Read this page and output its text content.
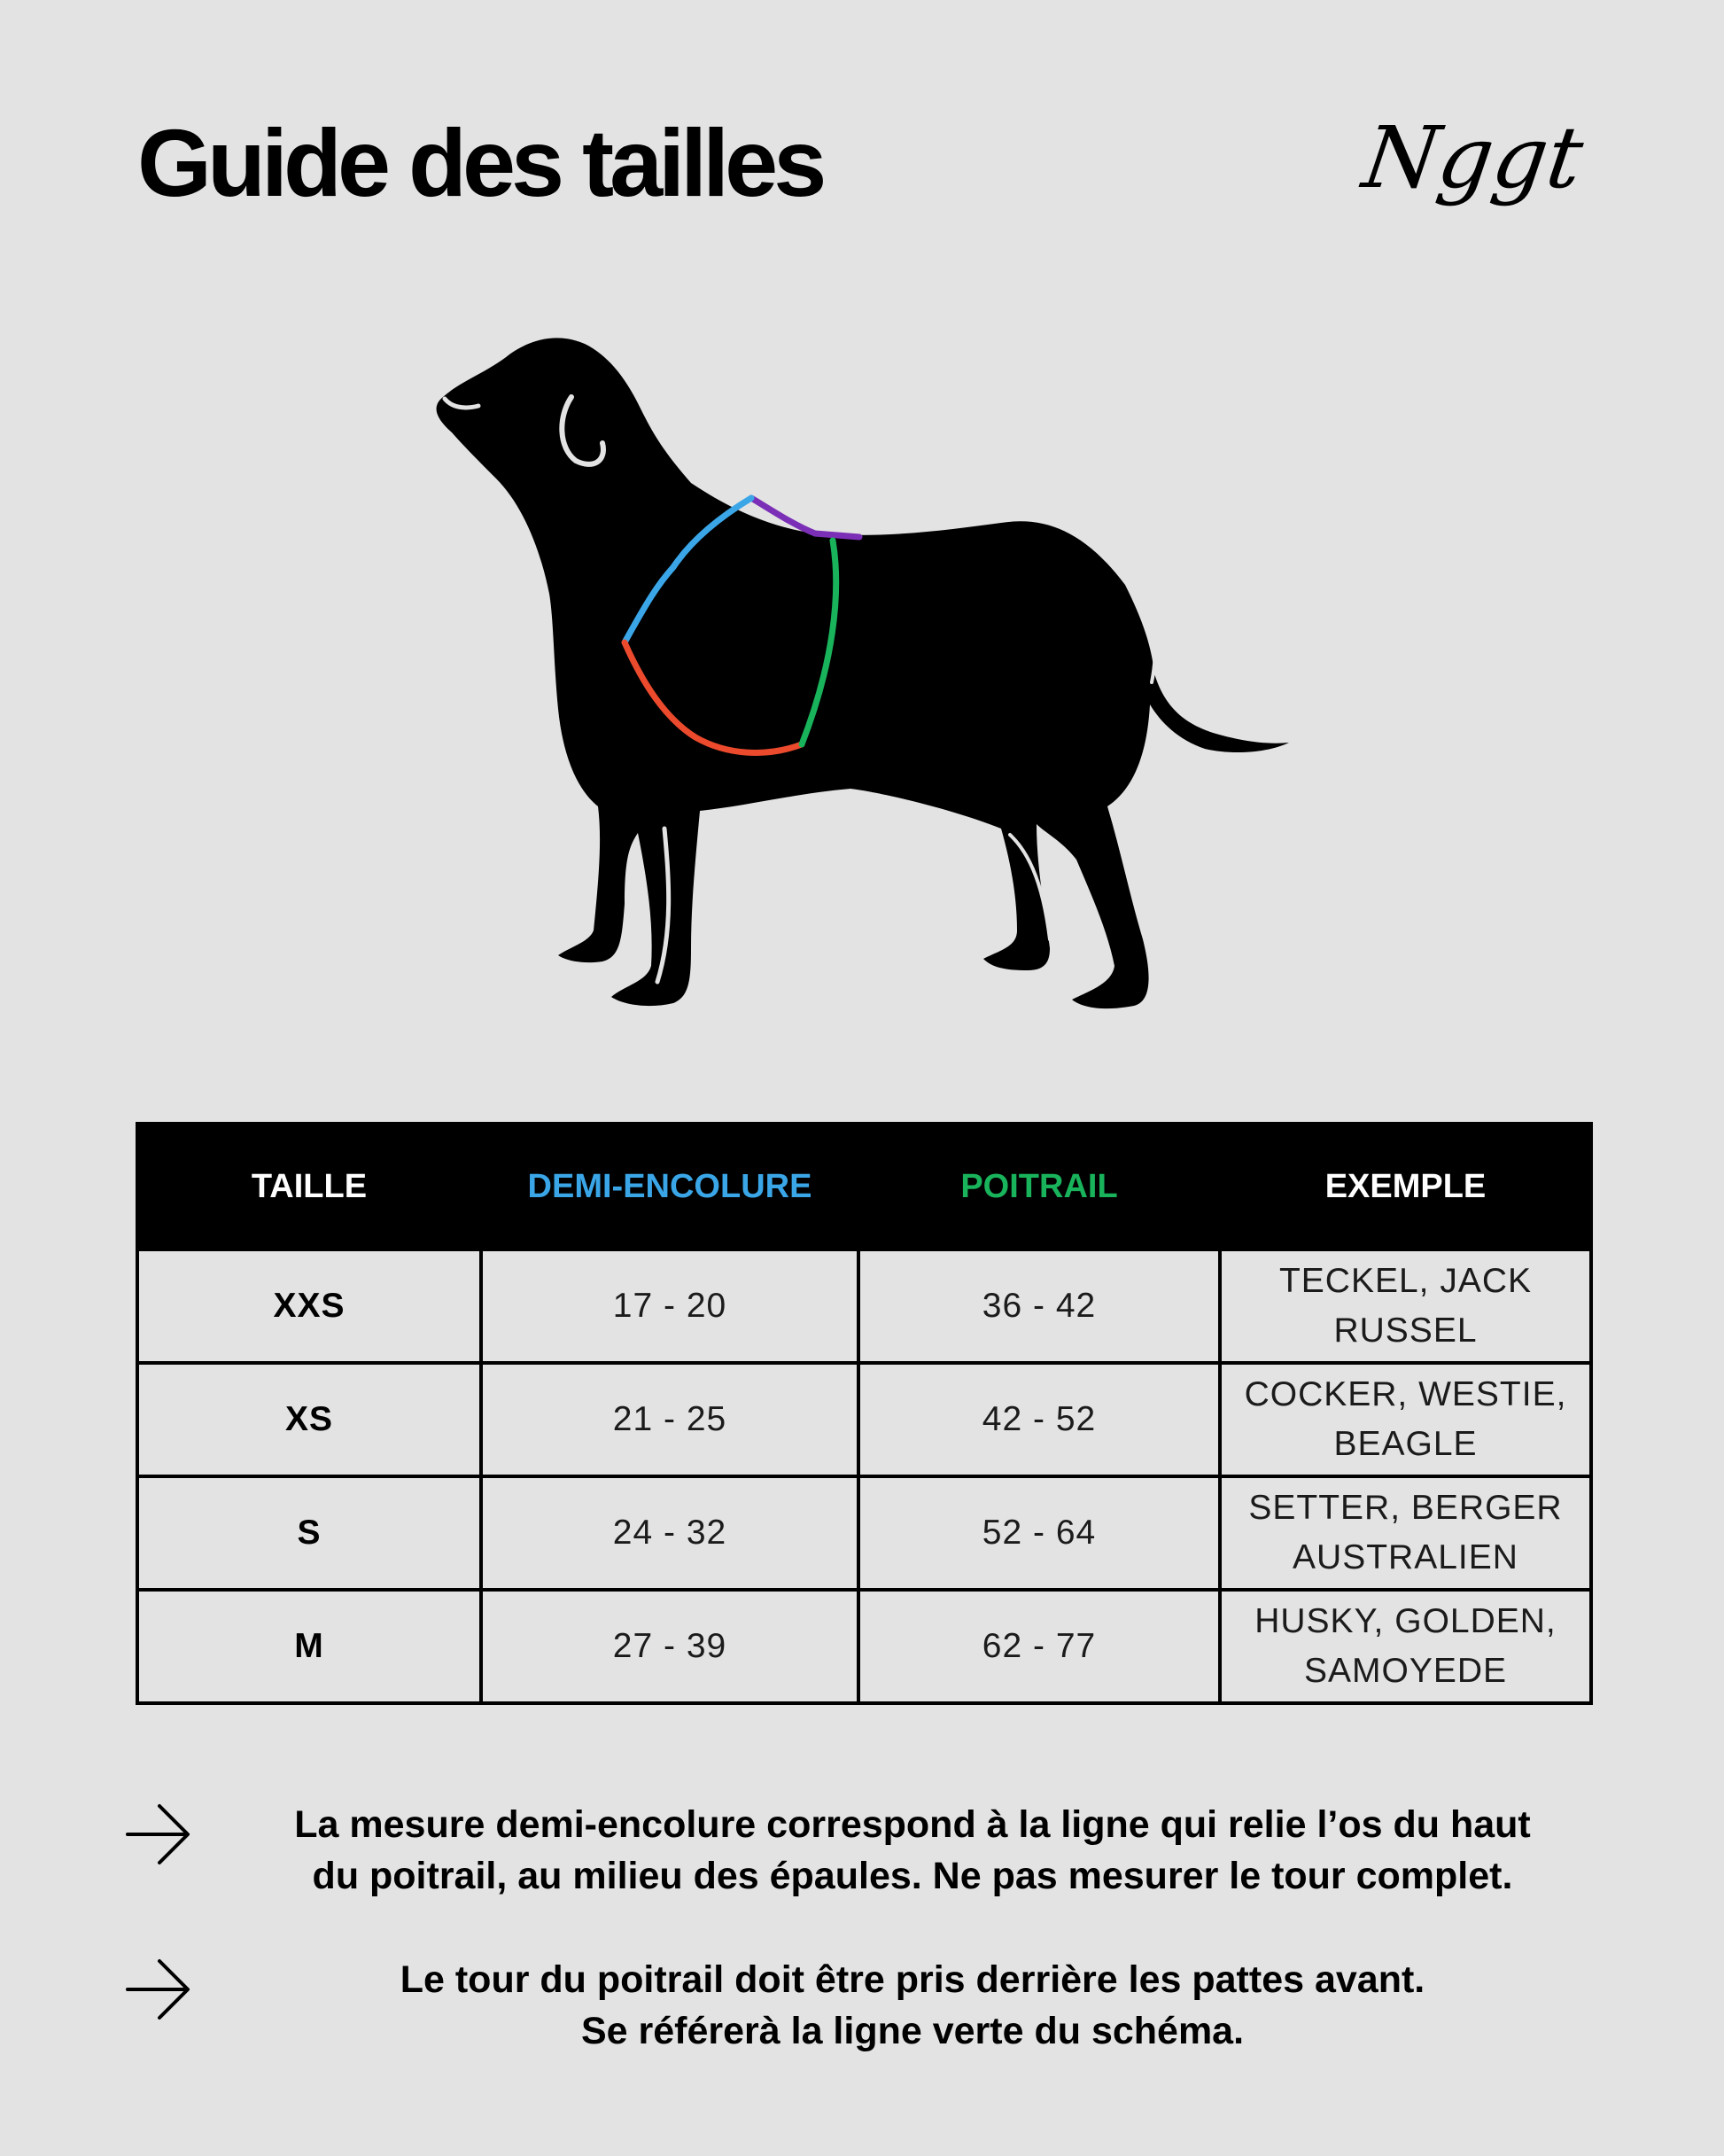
Guide des tailles	Nggt
TAILLE	DEMI-ENCOLURE	POITRAIL	EXEMPLE
XXS	17 - 20	36 - 42	TECKEL, JACK
RUSSEL
XS	21 - 25	42 - 52	COCKER, WESTIE,
BEAGLE
S	24 - 32	52 - 64	SETTER, BERGER
AUSTRALIEN
M	27 - 39	62 - 77	HUSKY, GOLDEN,
SAMOYEDE

La mesure demi-encolure correspond à la ligne qui relie l’os du haut
du poitrail, au milieu des épaules. Ne pas mesurer le tour complet.

Le tour du poitrail doit être pris derrière les pattes avant.
Se référerà la ligne verte du schéma.
